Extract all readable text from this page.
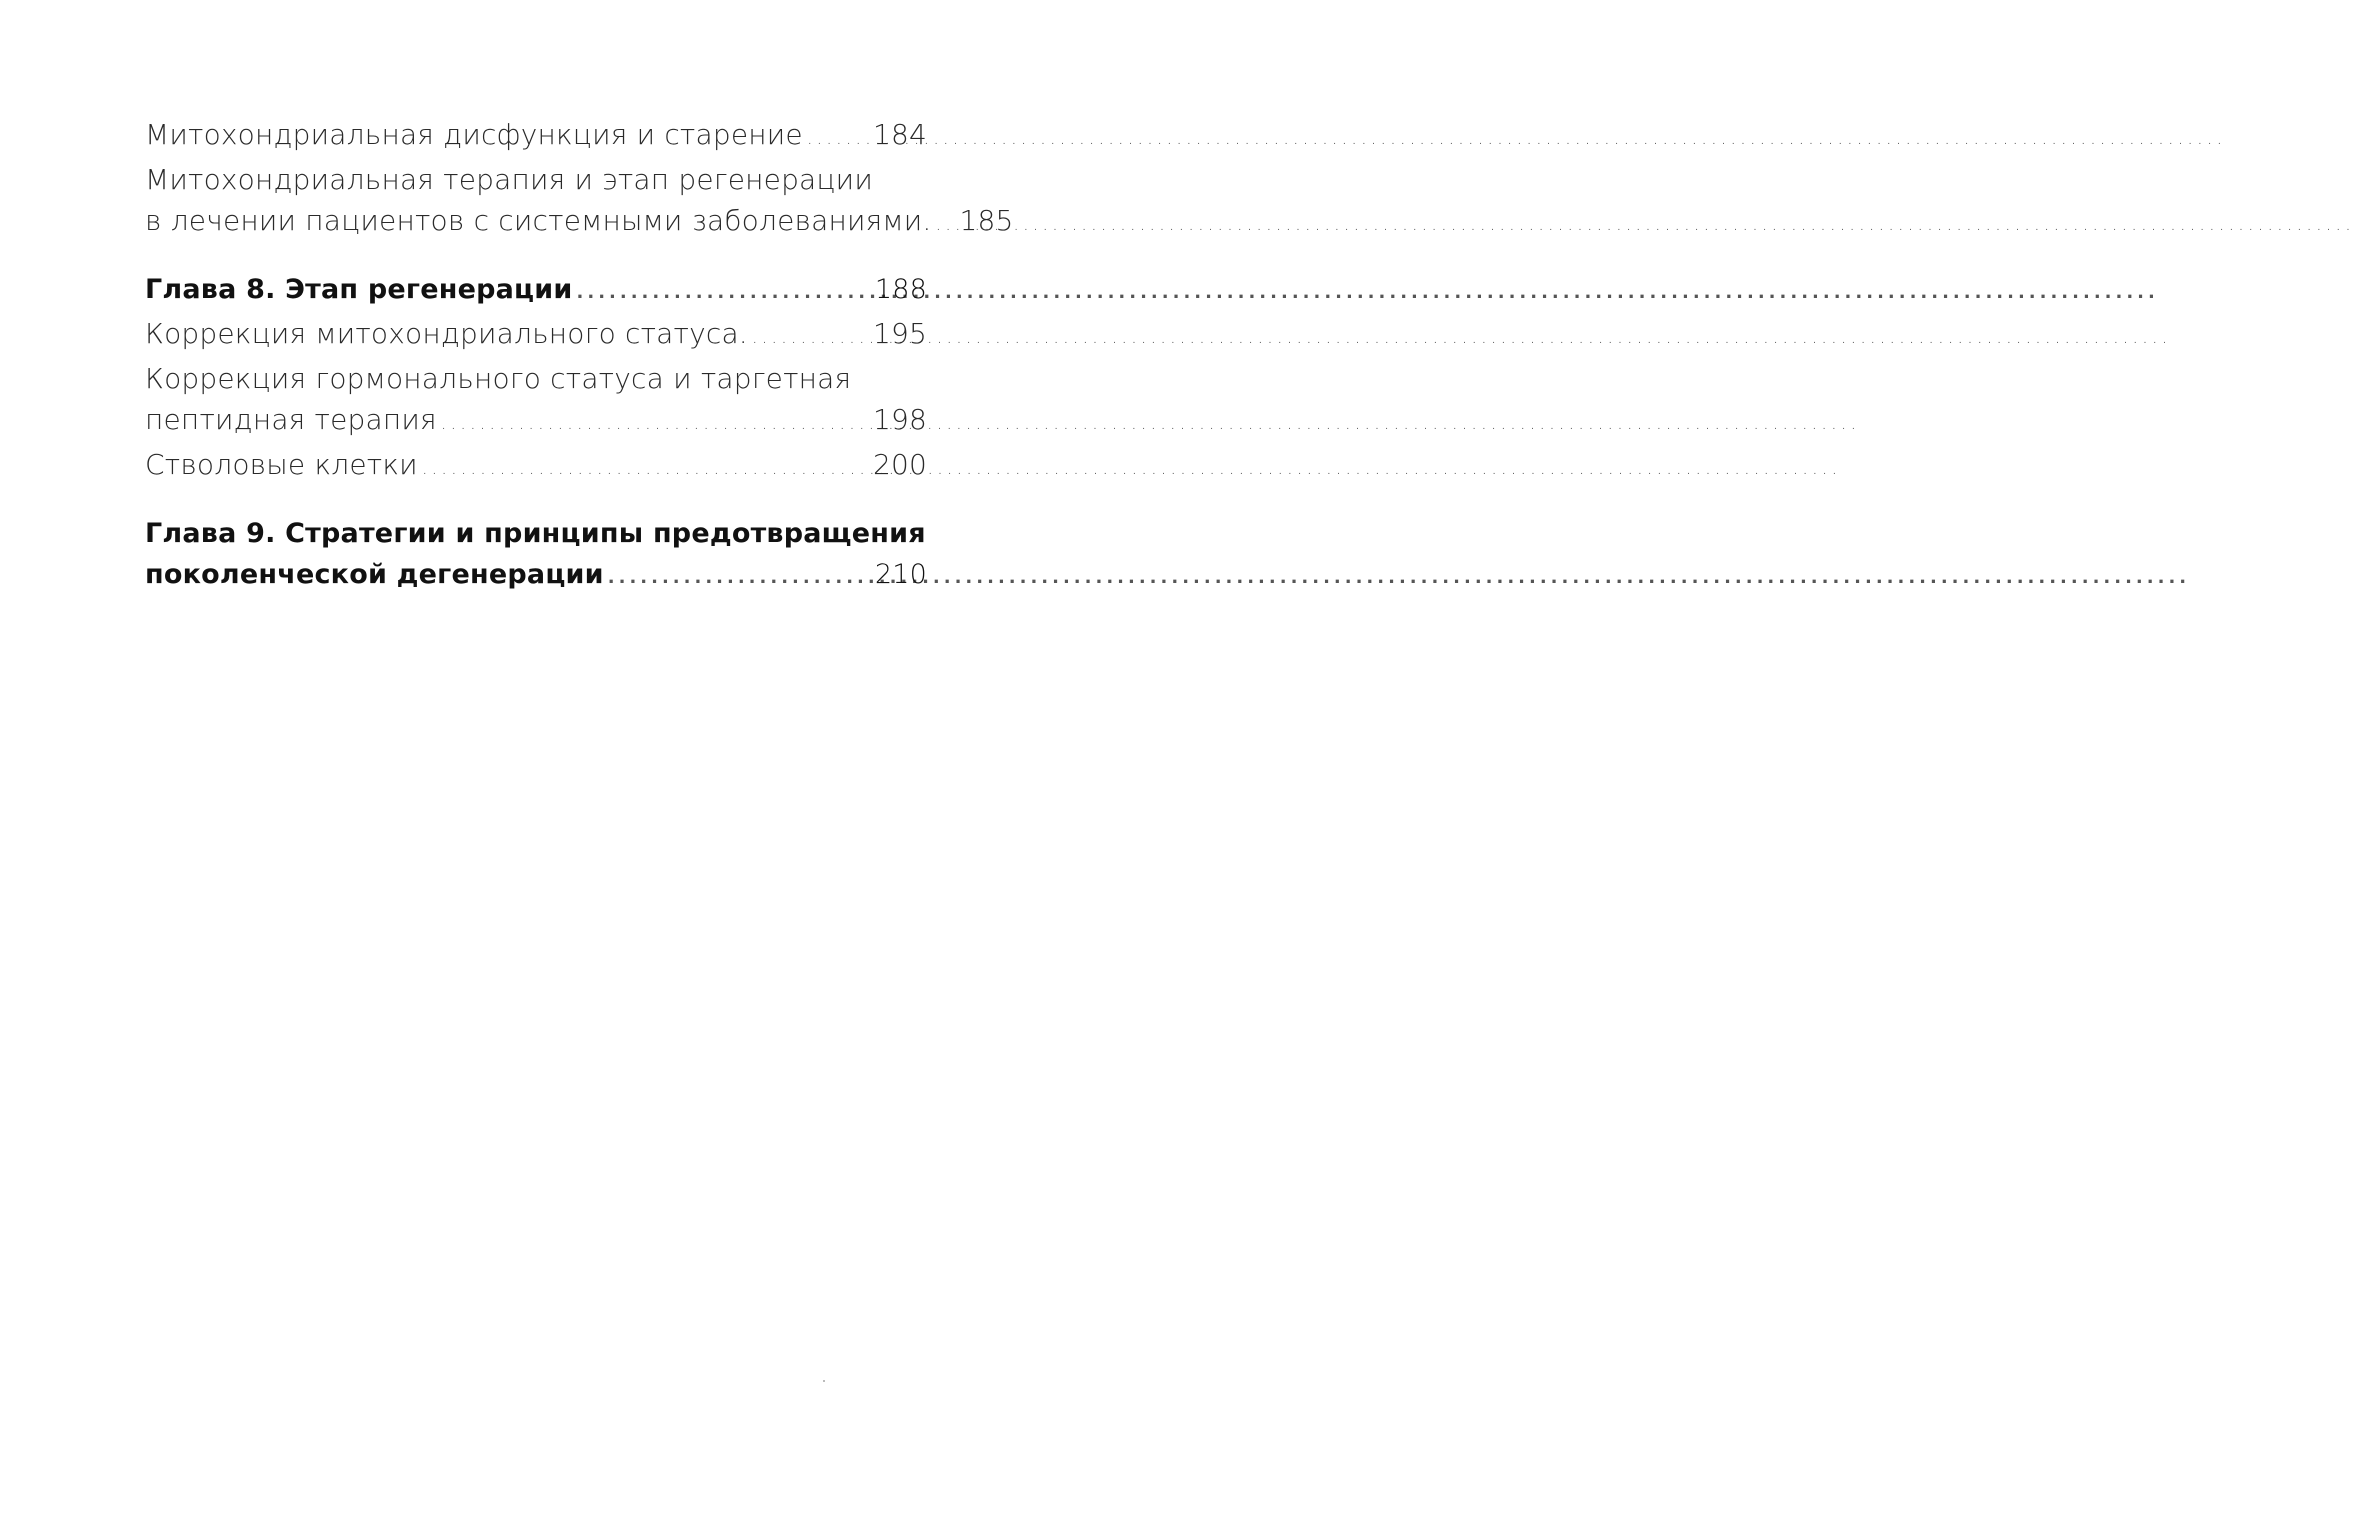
Митохондриальная дисфункция и старение .....	184
Митохондриальная терапия и этап регенерации
в лечении пациентов с системными заболеваниями. ..... 185
Глава 8. Этап регенерации .....	188
Коррекция митохондриального статуса. .....	195
Коррекция гормонального статуса и таргетная
пептидная терапия .....	198
Стволовые клетки .....	200
Глава 9. Стратегии и принципы предотвращения
поколенческой дегенерации .....	210
